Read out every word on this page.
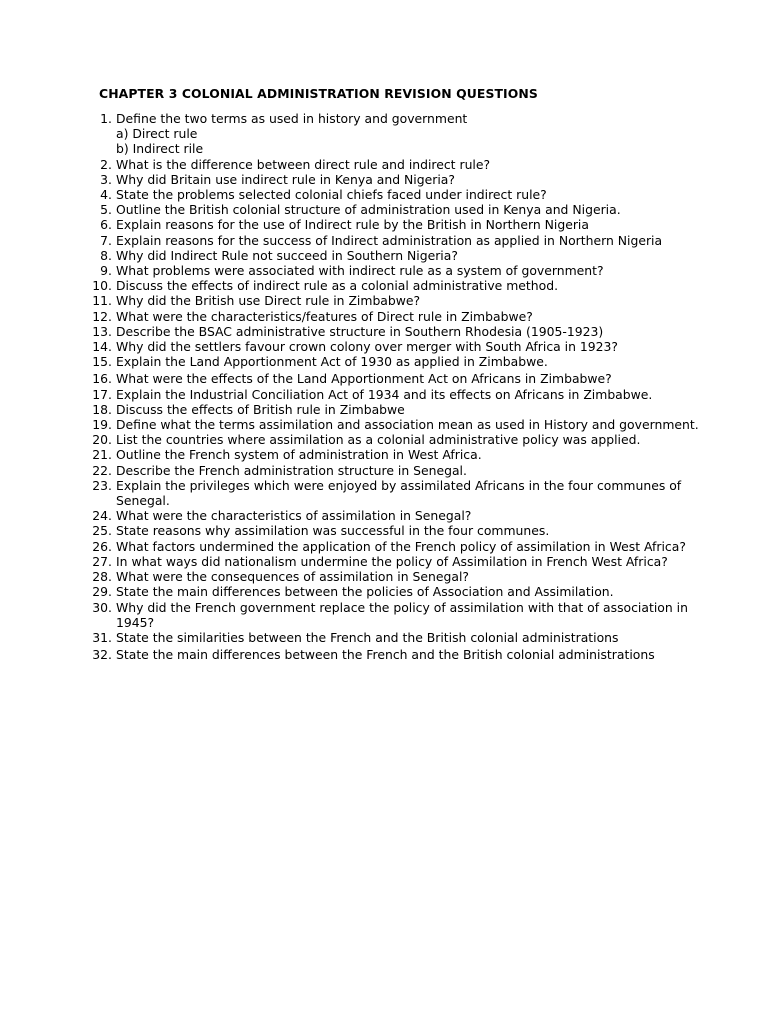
CHAPTER 3 COLONIAL ADMINISTRATION REVISION QUESTIONS
1. Define the two terms as used in history and government
a) Direct rule
b) Indirect rile
2. What is the difference between direct rule and indirect rule?
3. Why did Britain use indirect rule in Kenya and Nigeria?
4. State the problems selected colonial chiefs faced under indirect rule?
5. Outline the British colonial structure of administration used in Kenya and Nigeria.
6. Explain reasons for the use of Indirect rule by the British in Northern Nigeria
7. Explain reasons for the success of Indirect administration as applied in Northern Nigeria
8. Why did Indirect Rule not succeed in Southern Nigeria?
9. What problems were associated with indirect rule as a system of government?
10. Discuss the effects of indirect rule as a colonial administrative method.
11. Why did the British use Direct rule in Zimbabwe?
12. What were the characteristics/features of Direct rule in Zimbabwe?
13. Describe the BSAC administrative structure in Southern Rhodesia (1905-1923)
14. Why did the settlers favour crown colony over merger with South Africa in 1923?
15. Explain the Land Apportionment Act of 1930 as applied in Zimbabwe.
16. What were the effects of the Land Apportionment Act on Africans in Zimbabwe?
17. Explain the Industrial Conciliation Act of 1934 and its effects on Africans in Zimbabwe.
18. Discuss the effects of British rule in Zimbabwe
19. Define what the terms assimilation and association mean as used in History and government.
20. List the countries where assimilation as a colonial administrative policy was applied.
21. Outline the French system of administration in West Africa.
22. Describe the French administration structure in Senegal.
23. Explain the privileges which were enjoyed by assimilated Africans in the four communes of Senegal.
24. What were the characteristics of assimilation in Senegal?
25. State reasons why assimilation was successful in the four communes.
26. What factors undermined the application of the French policy of assimilation in West Africa?
27. In what ways did nationalism undermine the policy of Assimilation in French West Africa?
28. What were the consequences of assimilation in Senegal?
29. State the main differences between the policies of Association and Assimilation.
30. Why did the French government replace the policy of assimilation with that of association in 1945?
31. State the similarities between the French and the British colonial administrations
32. State the main differences between the French and the British colonial administrations
